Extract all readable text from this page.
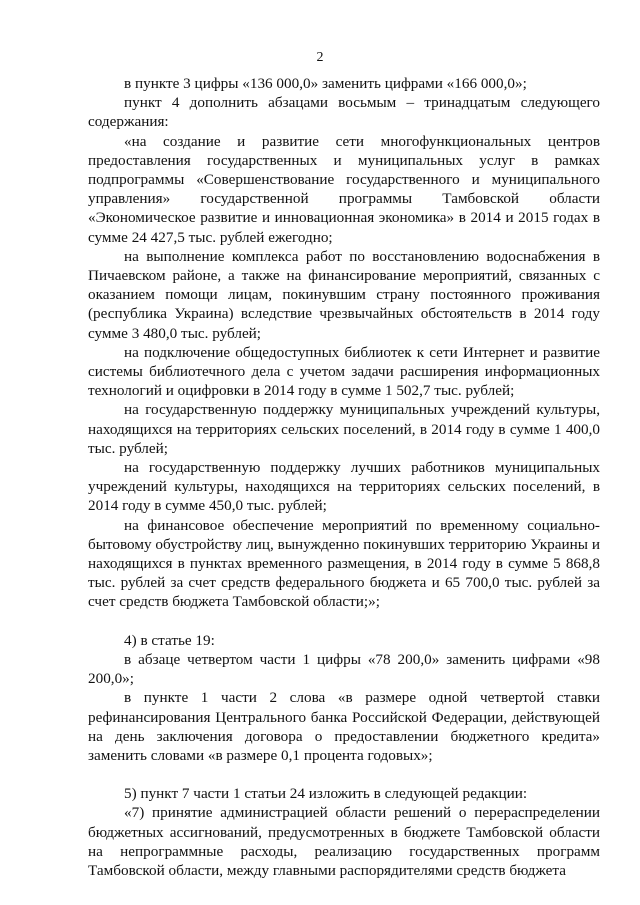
2

в пункте 3 цифры «136 000,0» заменить цифрами «166 000,0»;

пункт 4 дополнить абзацами восьмым – тринадцатым следующего содержания:

«на создание и развитие сети многофункциональных центров предоставления государственных и муниципальных услуг в рамках подпрограммы «Совершенствование государственного и муниципального управления» государственной программы Тамбовской области «Экономическое развитие и инновационная экономика» в 2014 и 2015 годах в сумме 24 427,5 тыс. рублей ежегодно;

на выполнение комплекса работ по восстановлению водоснабжения в Пичаевском районе, а также на финансирование мероприятий, связанных с оказанием помощи лицам, покинувшим страну постоянного проживания (республика Украина) вследствие чрезвычайных обстоятельств в 2014 году сумме 3 480,0 тыс. рублей;

на подключение общедоступных библиотек к сети Интернет и развитие системы библиотечного дела с учетом задачи расширения информационных технологий и оцифровки в 2014 году в сумме 1 502,7 тыс. рублей;

на государственную поддержку муниципальных учреждений культуры, находящихся на территориях сельских поселений, в 2014 году в сумме 1 400,0 тыс. рублей;

на государственную поддержку лучших работников муниципальных учреждений культуры, находящихся на территориях сельских поселений, в 2014 году в сумме 450,0 тыс. рублей;

на финансовое обеспечение мероприятий по временному социально-бытовому обустройству лиц, вынужденно покинувших территорию Украины и находящихся в пунктах временного размещения, в 2014 году в сумме 5 868,8 тыс. рублей за счет средств федерального бюджета и 65 700,0 тыс. рублей за счет средств бюджета Тамбовской области;»;

4) в статье 19:

в абзаце четвертом части 1 цифры «78 200,0» заменить цифрами «98 200,0»;

в пункте 1 части 2 слова «в размере одной четвертой ставки рефинансирования Центрального банка Российской Федерации, действующей на день заключения договора о предоставлении бюджетного кредита» заменить словами «в размере 0,1 процента годовых»;

5) пункт 7 части 1 статьи 24 изложить в следующей редакции:

«7) принятие администрацией области решений о перераспределении бюджетных ассигнований, предусмотренных в бюджете Тамбовской области на непрограммные расходы, реализацию государственных программ Тамбовской области, между главными распорядителями средств бюджета
